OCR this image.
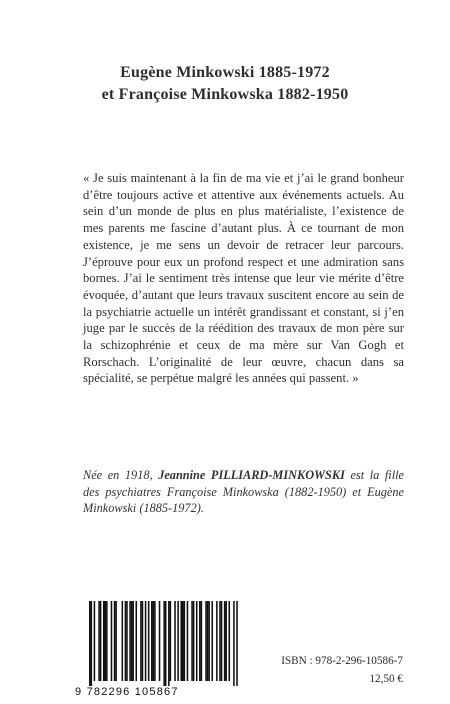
Eugène Minkowski 1885-1972
et Françoise Minkowska 1882-1950
« Je suis maintenant à la fin de ma vie et j’ai le grand bonheur d’être toujours active et attentive aux événements actuels. Au sein d’un monde de plus en plus matérialiste, l’existence de mes parents me fascine d’autant plus. À ce tournant de mon existence, je me sens un devoir de retracer leur parcours. J’éprouve pour eux un profond respect et une admiration sans bornes. J’ai le sentiment très intense que leur vie mérite d’être évoquée, d’autant que leurs travaux suscitent encore au sein de la psychiatrie actuelle un intérêt grandissant et constant, si j’en juge par le succès de la réédition des travaux de mon père sur la schizophrénie et ceux de ma mère sur Van Gogh et Rorschach. L’originalité de leur œuvre, chacun dans sa spécialité, se perpétue malgré les années qui passent. »
Née en 1918, Jeannine PILLIARD-MINKOWSKI est la fille des psychiatres Françoise Minkowska (1882-1950) et Eugène Minkowski (1885-1972).
9 782296 105867
ISBN : 978-2-296-10586-7
12,50 €
